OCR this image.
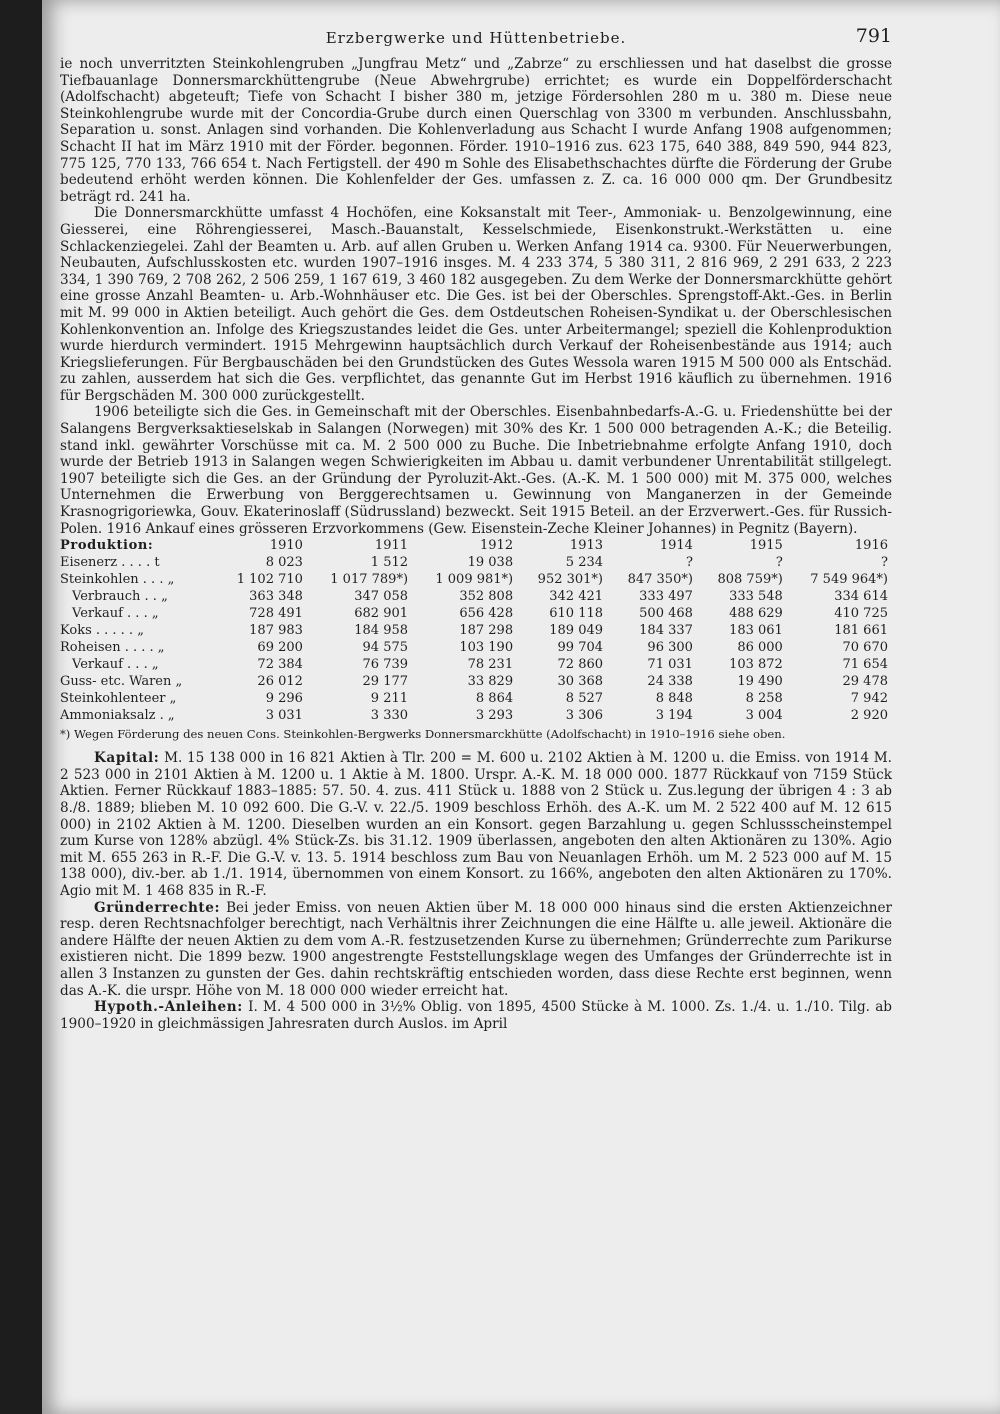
Erzbergwerke und Hüttenbetriebe.	791

ie noch unverritzten Steinkohlengruben „Jungfrau Metz“ und „Zabrze“ zu erschliessen und hat daselbst die grosse Tiefbauanlage Donnersmarckhüttengrube (Neue Abwehrgrube) errichtet; es wurde ein Doppelförderschacht (Adolfschacht) abgeteuft; Tiefe von Schacht I bisher 380 m, jetzige Fördersohlen 280 m u. 380 m. Diese neue Steinkohlengrube wurde mit der Concordia-Grube durch einen Querschlag von 3300 m verbunden. Anschlussbahn, Separation u. sonst. Anlagen sind vorhanden. Die Kohlenverladung aus Schacht I wurde Anfang 1908 aufgenommen; Schacht II hat im März 1910 mit der Förder. begonnen. Förder. 1910–1916 zus. 623 175, 640 388, 849 590, 944 823, 775 125, 770 133, 766 654 t. Nach Fertigstell. der 490 m Sohle des Elisabethschachtes dürfte die Förderung der Grube bedeutend erhöht werden können. Die Kohlenfelder der Ges. umfassen z. Z. ca. 16 000 000 qm. Der Grundbesitz beträgt rd. 241 ha.

Die Donnersmarckhütte umfasst 4 Hochöfen, eine Koksanstalt mit Teer-, Ammoniak- u. Benzolgewinnung, eine Giesserei, eine Röhrengiesserei, Masch.-Bauanstalt, Kesselschmiede, Eisenkonstrukt.-Werkstätten u. eine Schlackenziegelei. Zahl der Beamten u. Arb. auf allen Gruben u. Werken Anfang 1914 ca. 9300. Für Neuerwerbungen, Neubauten, Aufschlusskosten etc. wurden 1907–1916 insges. M. 4 233 374, 5 380 311, 2 816 969, 2 291 633, 2 223 334, 1 390 769, 2 708 262, 2 506 259, 1 167 619, 3 460 182 ausgegeben. Zu dem Werke der Donnersmarckhütte gehört eine grosse Anzahl Beamten- u. Arb.-Wohnhäuser etc. Die Ges. ist bei der Oberschles. Sprengstoff-Akt.-Ges. in Berlin mit M. 99 000 in Aktien beteiligt. Auch gehört die Ges. dem Ostdeutschen Roheisen-Syndikat u. der Oberschlesischen Kohlenkonvention an. Infolge des Kriegszustandes leidet die Ges. unter Arbeitermangel; speziell die Kohlenproduktion wurde hierdurch vermindert. 1915 Mehrgewinn hauptsächlich durch Verkauf der Roheisenbestände aus 1914; auch Kriegslieferungen. Für Bergbauschäden bei den Grundstücken des Gutes Wessola waren 1915 M 500 000 als Entschäd. zu zahlen, ausserdem hat sich die Ges. verpflichtet, das genannte Gut im Herbst 1916 käuflich zu übernehmen. 1916 für Bergschäden M. 300 000 zurückgestellt.

1906 beteiligte sich die Ges. in Gemeinschaft mit der Oberschles. Eisenbahnbedarfs-A.-G. u. Friedenshütte bei der Salangens Bergverksaktieselskab in Salangen (Norwegen) mit 30% des Kr. 1 500 000 betragenden A.-K.; die Beteilig. stand inkl. gewährter Vorschüsse mit ca. M. 2 500 000 zu Buche. Die Inbetriebnahme erfolgte Anfang 1910, doch wurde der Betrieb 1913 in Salangen wegen Schwierigkeiten im Abbau u. damit verbundener Unrentabilität stillgelegt. 1907 beteiligte sich die Ges. an der Gründung der Pyroluzit-Akt.-Ges. (A.-K. M. 1 500 000) mit M. 375 000, welches Unternehmen die Erwerbung von Berggerechtsamen u. Gewinnung von Manganerzen in der Gemeinde Krasnogrigoriewka, Gouv. Ekaterinoslaff (Südrussland) bezweckt. Seit 1915 Beteil. an der Erzverwert.-Ges. für Russich-Polen. 1916 Ankauf eines grösseren Erzvorkommens (Gew. Eisenstein-Zeche Kleiner Johannes) in Pegnitz (Bayern).

Produktion:	1910	1911	1912	1913	1914	1915	1916
Eisenerz . . . . t	8 023	1 512	19 038	5 234	?	?	?
Steinkohlen . . . „	1 102 710	1 017 789*)	1 009 981*)	952 301*)	847 350*)	808 759*)	7 549 964*)
Verbrauch . . „	363 348	347 058	352 808	342 421	333 497	333 548	334 614
Verkauf . . . „	728 491	682 901	656 428	610 118	500 468	488 629	410 725
Koks . . . . . „	187 983	184 958	187 298	189 049	184 337	183 061	181 661
Roheisen . . . . „	69 200	94 575	103 190	99 704	96 300	86 000	70 670
Verkauf . . . „	72 384	76 739	78 231	72 860	71 031	103 872	71 654
Guss- etc. Waren „	26 012	29 177	33 829	30 368	24 338	19 490	29 478
Steinkohlenteer „	9 296	9 211	8 864	8 527	8 848	8 258	7 942
Ammoniaksalz . „	3 031	3 330	3 293	3 306	3 194	3 004	2 920
*) Wegen Förderung des neuen Cons. Steinkohlen-Bergwerks Donnersmarckhütte (Adolfschacht) in 1910–1916 siehe oben.

Kapital: M. 15 138 000 in 16 821 Aktien à Tlr. 200 = M. 600 u. 2102 Aktien à M. 1200 u. die Emiss. von 1914 M. 2 523 000 in 2101 Aktien à M. 1200 u. 1 Aktie à M. 1800. Urspr. A.-K. M. 18 000 000. 1877 Rückkauf von 7159 Stück Aktien. Ferner Rückkauf 1883–1885: 57. 50. 4. zus. 411 Stück u. 1888 von 2 Stück u. Zus.legung der übrigen 4 : 3 ab 8./8. 1889; blieben M. 10 092 600. Die G.-V. v. 22./5. 1909 beschloss Erhöh. des A.-K. um M. 2 522 400 auf M. 12 615 000) in 2102 Aktien à M. 1200. Dieselben wurden an ein Konsort. gegen Barzahlung u. gegen Schlussscheinstempel zum Kurse von 128% abzügl. 4% Stück-Zs. bis 31.12. 1909 überlassen, angeboten den alten Aktionären zu 130%. Agio mit M. 655 263 in R.-F. Die G.-V. v. 13. 5. 1914 beschloss zum Bau von Neuanlagen Erhöh. um M. 2 523 000 auf M. 15 138 000), div.-ber. ab 1./1. 1914, übernommen von einem Konsort. zu 166%, angeboten den alten Aktionären zu 170%. Agio mit M. 1 468 835 in R.-F.

Gründerrechte: Bei jeder Emiss. von neuen Aktien über M. 18 000 000 hinaus sind die ersten Aktienzeichner resp. deren Rechtsnachfolger berechtigt, nach Verhältnis ihrer Zeichnungen die eine Hälfte u. alle jeweil. Aktionäre die andere Hälfte der neuen Aktien zu dem vom A.-R. festzusetzenden Kurse zu übernehmen; Gründerrechte zum Parikurse existieren nicht. Die 1899 bezw. 1900 angestrengte Feststellungsklage wegen des Umfanges der Gründerrechte ist in allen 3 Instanzen zu gunsten der Ges. dahin rechtskräftig entschieden worden, dass diese Rechte erst beginnen, wenn das A.-K. die urspr. Höhe von M. 18 000 000 wieder erreicht hat.

Hypoth.-Anleihen: I. M. 4 500 000 in 3½% Oblig. von 1895, 4500 Stücke à M. 1000. Zs. 1./4. u. 1./10. Tilg. ab 1900–1920 in gleichmässigen Jahresraten durch Auslos. im April
